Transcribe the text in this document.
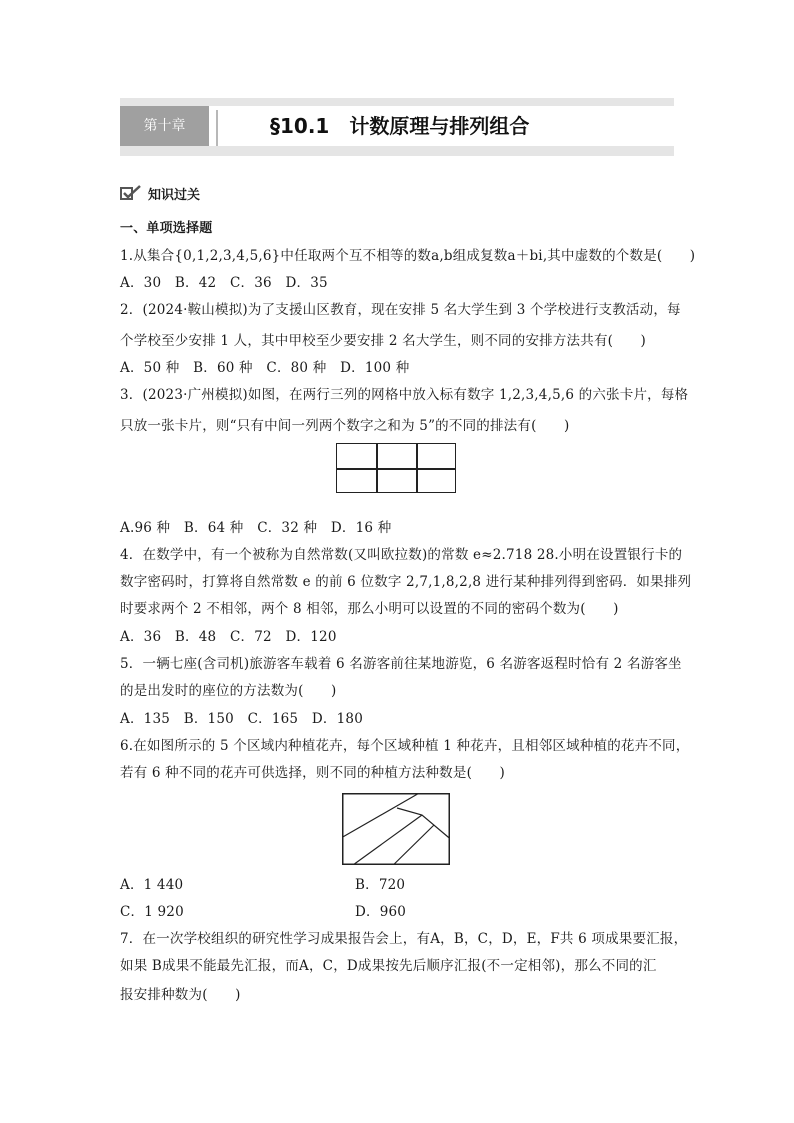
第十章	§10.1　计数原理与排列组合
知识过关
一、单项选择题
1.从集合{0,1,2,3,4,5,6}中任取两个互不相等的数a,b组成复数a＋bi,其中虚数的个数是(　　)
A．30　B．42　C．36　D．35
2．(2024·鞍山模拟)为了支援山区教育，现在安排 5 名大学生到 3 个学校进行支教活动，每
个学校至少安排 1 人，其中甲校至少要安排 2 名大学生，则不同的安排方法共有(　　)
A．50 种　B．60 种　C．80 种　D．100 种
3．(2023·广州模拟)如图，在两行三列的网格中放入标有数字 1,2,3,4,5,6 的六张卡片，每格
只放一张卡片，则“只有中间一列两个数字之和为 5”的不同的排法有(　　)
A.96 种　B．64 种　C．32 种　D．16 种
4．在数学中，有一个被称为自然常数(又叫欧拉数)的常数 e≈2.718 28.小明在设置银行卡的
数字密码时，打算将自然常数 e 的前 6 位数字 2,7,1,8,2,8 进行某种排列得到密码．如果排列
时要求两个 2 不相邻，两个 8 相邻，那么小明可以设置的不同的密码个数为(　　)
A．36　B．48　C．72　D．120
5．一辆七座(含司机)旅游客车载着 6 名游客前往某地游览，6 名游客返程时恰有 2 名游客坐
的是出发时的座位的方法数为(　　)
A．135　B．150　C．165　D．180
6.在如图所示的 5 个区域内种植花卉，每个区域种植 1 种花卉，且相邻区域种植的花卉不同，
若有 6 种不同的花卉可供选择，则不同的种植方法种数是(　　)
A．1 440	B．720
C．1 920	D．960
7．在一次学校组织的研究性学习成果报告会上，有A，B，C，D，E，F共 6 项成果要汇报，
如果 B成果不能最先汇报，而A，C，D成果按先后顺序汇报(不一定相邻)，那么不同的汇
报安排种数为(　　)
